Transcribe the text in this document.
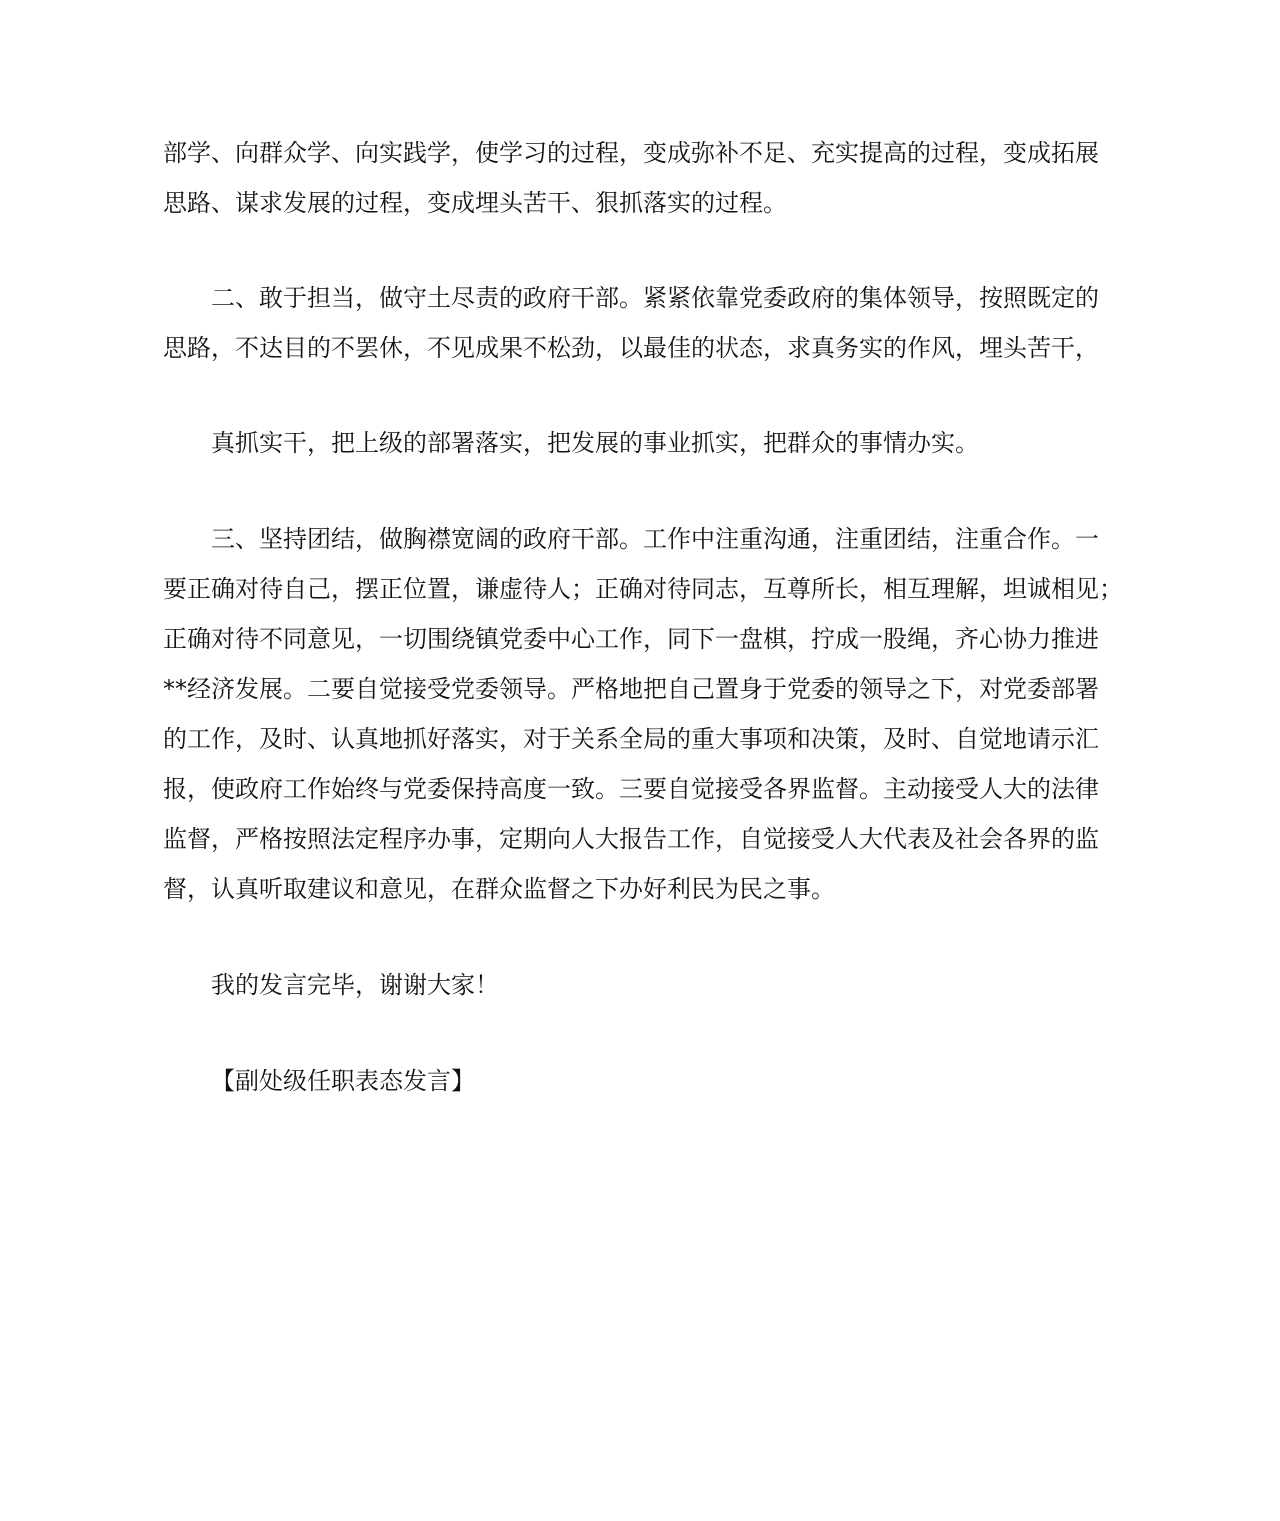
部学、向群众学、向实践学，使学习的过程，变成弥补不足、充实提高的过程，变成拓展
思路、谋求发展的过程，变成埋头苦干、狠抓落实的过程。
二、敢于担当，做守土尽责的政府干部。紧紧依靠党委政府的集体领导，按照既定的
思路，不达目的不罢休，不见成果不松劲，以最佳的状态，求真务实的作风，埋头苦干，
真抓实干，把上级的部署落实，把发展的事业抓实，把群众的事情办实。
三、坚持团结，做胸襟宽阔的政府干部。工作中注重沟通，注重团结，注重合作。一
要正确对待自己，摆正位置，谦虚待人；正确对待同志，互尊所长，相互理解，坦诚相见；
正确对待不同意见，一切围绕镇党委中心工作，同下一盘棋，拧成一股绳，齐心协力推进
**经济发展。二要自觉接受党委领导。严格地把自己置身于党委的领导之下，对党委部署
的工作，及时、认真地抓好落实，对于关系全局的重大事项和决策，及时、自觉地请示汇
报，使政府工作始终与党委保持高度一致。三要自觉接受各界监督。主动接受人大的法律
监督，严格按照法定程序办事，定期向人大报告工作，自觉接受人大代表及社会各界的监
督，认真听取建议和意见，在群众监督之下办好利民为民之事。
我的发言完毕，谢谢大家！
【副处级任职表态发言】
